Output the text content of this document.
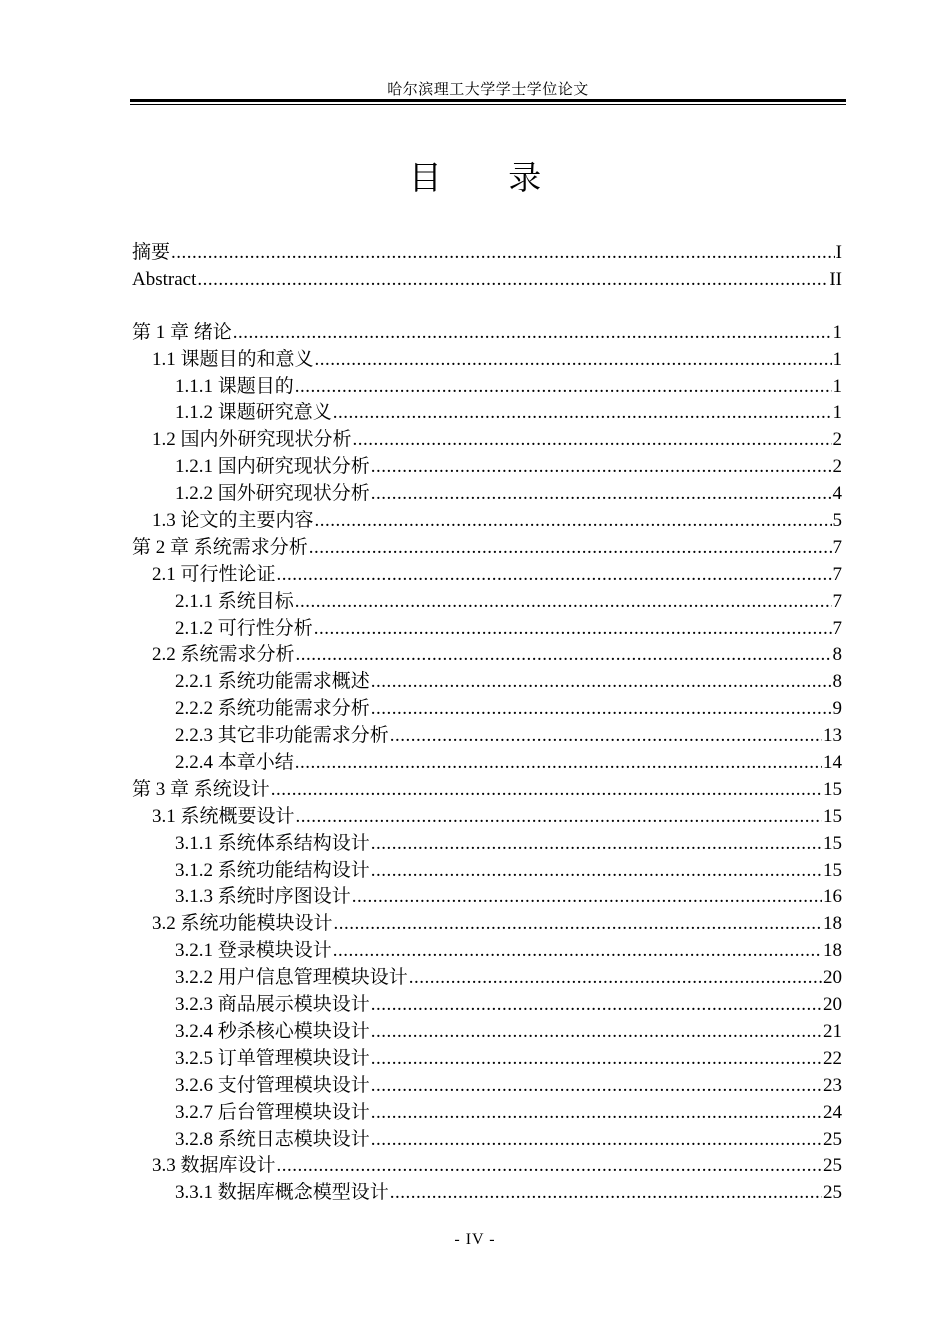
哈尔滨理工大学学士学位论文
目 录
摘要 .....	I
Abstract .....	II
第 1 章 绪论 .....	1
1.1 课题目的和意义 .....	1
1.1.1 课题目的 .....	1
1.1.2 课题研究意义 .....	1
1.2 国内外研究现状分析 .....	2
1.2.1 国内研究现状分析 .....	2
1.2.2 国外研究现状分析 .....	4
1.3 论文的主要内容 .....	5
第 2 章 系统需求分析 .....	7
2.1 可行性论证 .....	7
2.1.1 系统目标 .....	7
2.1.2 可行性分析 .....	7
2.2 系统需求分析 .....	8
2.2.1 系统功能需求概述 .....	8
2.2.2 系统功能需求分析 .....	9
2.2.3 其它非功能需求分析 .....	13
2.2.4 本章小结 .....	14
第 3 章 系统设计 .....	15
3.1 系统概要设计 .....	15
3.1.1 系统体系结构设计 .....	15
3.1.2 系统功能结构设计 .....	15
3.1.3 系统时序图设计 .....	16
3.2 系统功能模块设计 .....	18
3.2.1 登录模块设计 .....	18
3.2.2 用户信息管理模块设计 .....	20
3.2.3 商品展示模块设计 .....	20
3.2.4 秒杀核心模块设计 .....	21
3.2.5 订单管理模块设计 .....	22
3.2.6 支付管理模块设计 .....	23
3.2.7 后台管理模块设计 .....	24
3.2.8 系统日志模块设计 .....	25
3.3 数据库设计 .....	25
3.3.1 数据库概念模型设计 .....	25
- IV -
